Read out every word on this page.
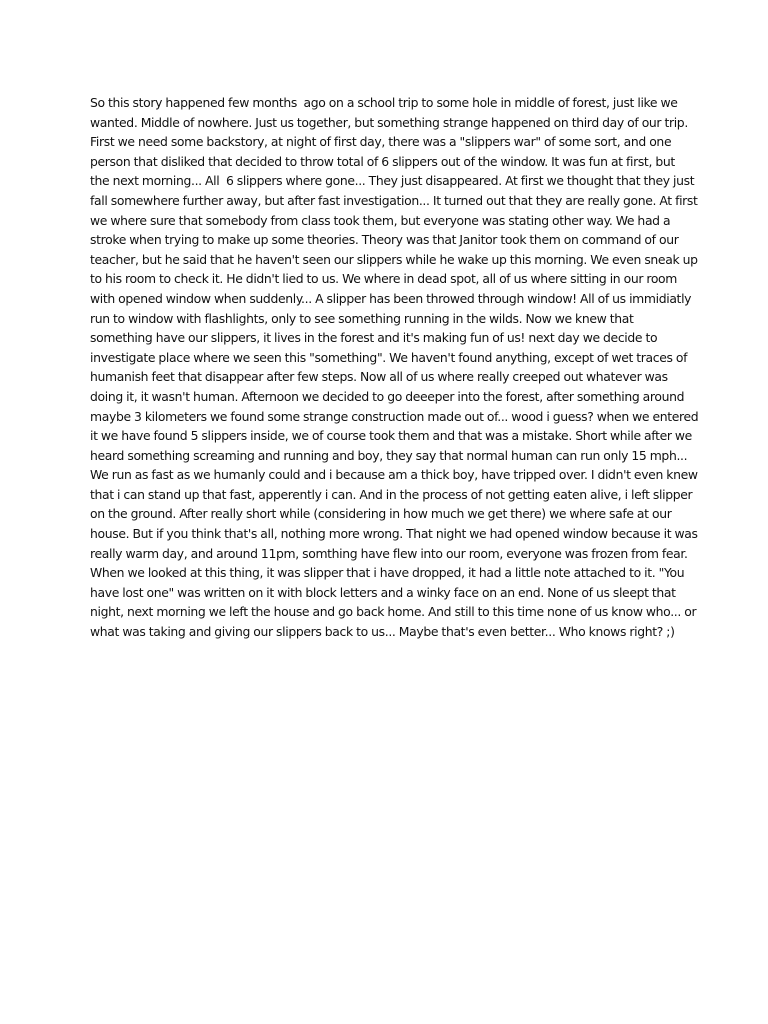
So this story happened few months  ago on a school trip to some hole in middle of forest, just like we
wanted. Middle of nowhere. Just us together, but something strange happened on third day of our trip.
First we need some backstory, at night of first day, there was a "slippers war" of some sort, and one
person that disliked that decided to throw total of 6 slippers out of the window. It was fun at first, but
the next morning... All  6 slippers where gone... They just disappeared. At first we thought that they just
fall somewhere further away, but after fast investigation... It turned out that they are really gone. At first
we where sure that somebody from class took them, but everyone was stating other way. We had a
stroke when trying to make up some theories. Theory was that Janitor took them on command of our
teacher, but he said that he haven't seen our slippers while he wake up this morning. We even sneak up
to his room to check it. He didn't lied to us. We where in dead spot, all of us where sitting in our room
with opened window when suddenly... A slipper has been throwed through window! All of us immidiatly
run to window with flashlights, only to see something running in the wilds. Now we knew that
something have our slippers, it lives in the forest and it's making fun of us! next day we decide to
investigate place where we seen this "something". We haven't found anything, except of wet traces of
humanish feet that disappear after few steps. Now all of us where really creeped out whatever was
doing it, it wasn't human. Afternoon we decided to go deeeper into the forest, after something around
maybe 3 kilometers we found some strange construction made out of... wood i guess? when we entered
it we have found 5 slippers inside, we of course took them and that was a mistake. Short while after we
heard something screaming and running and boy, they say that normal human can run only 15 mph...
We run as fast as we humanly could and i because am a thick boy, have tripped over. I didn't even knew
that i can stand up that fast, apperently i can. And in the process of not getting eaten alive, i left slipper
on the ground. After really short while (considering in how much we get there) we where safe at our
house. But if you think that's all, nothing more wrong. That night we had opened window because it was
really warm day, and around 11pm, somthing have flew into our room, everyone was frozen from fear.
When we looked at this thing, it was slipper that i have dropped, it had a little note attached to it. "You
have lost one" was written on it with block letters and a winky face on an end. None of us sleept that
night, next morning we left the house and go back home. And still to this time none of us know who... or
what was taking and giving our slippers back to us... Maybe that's even better... Who knows right? ;)
